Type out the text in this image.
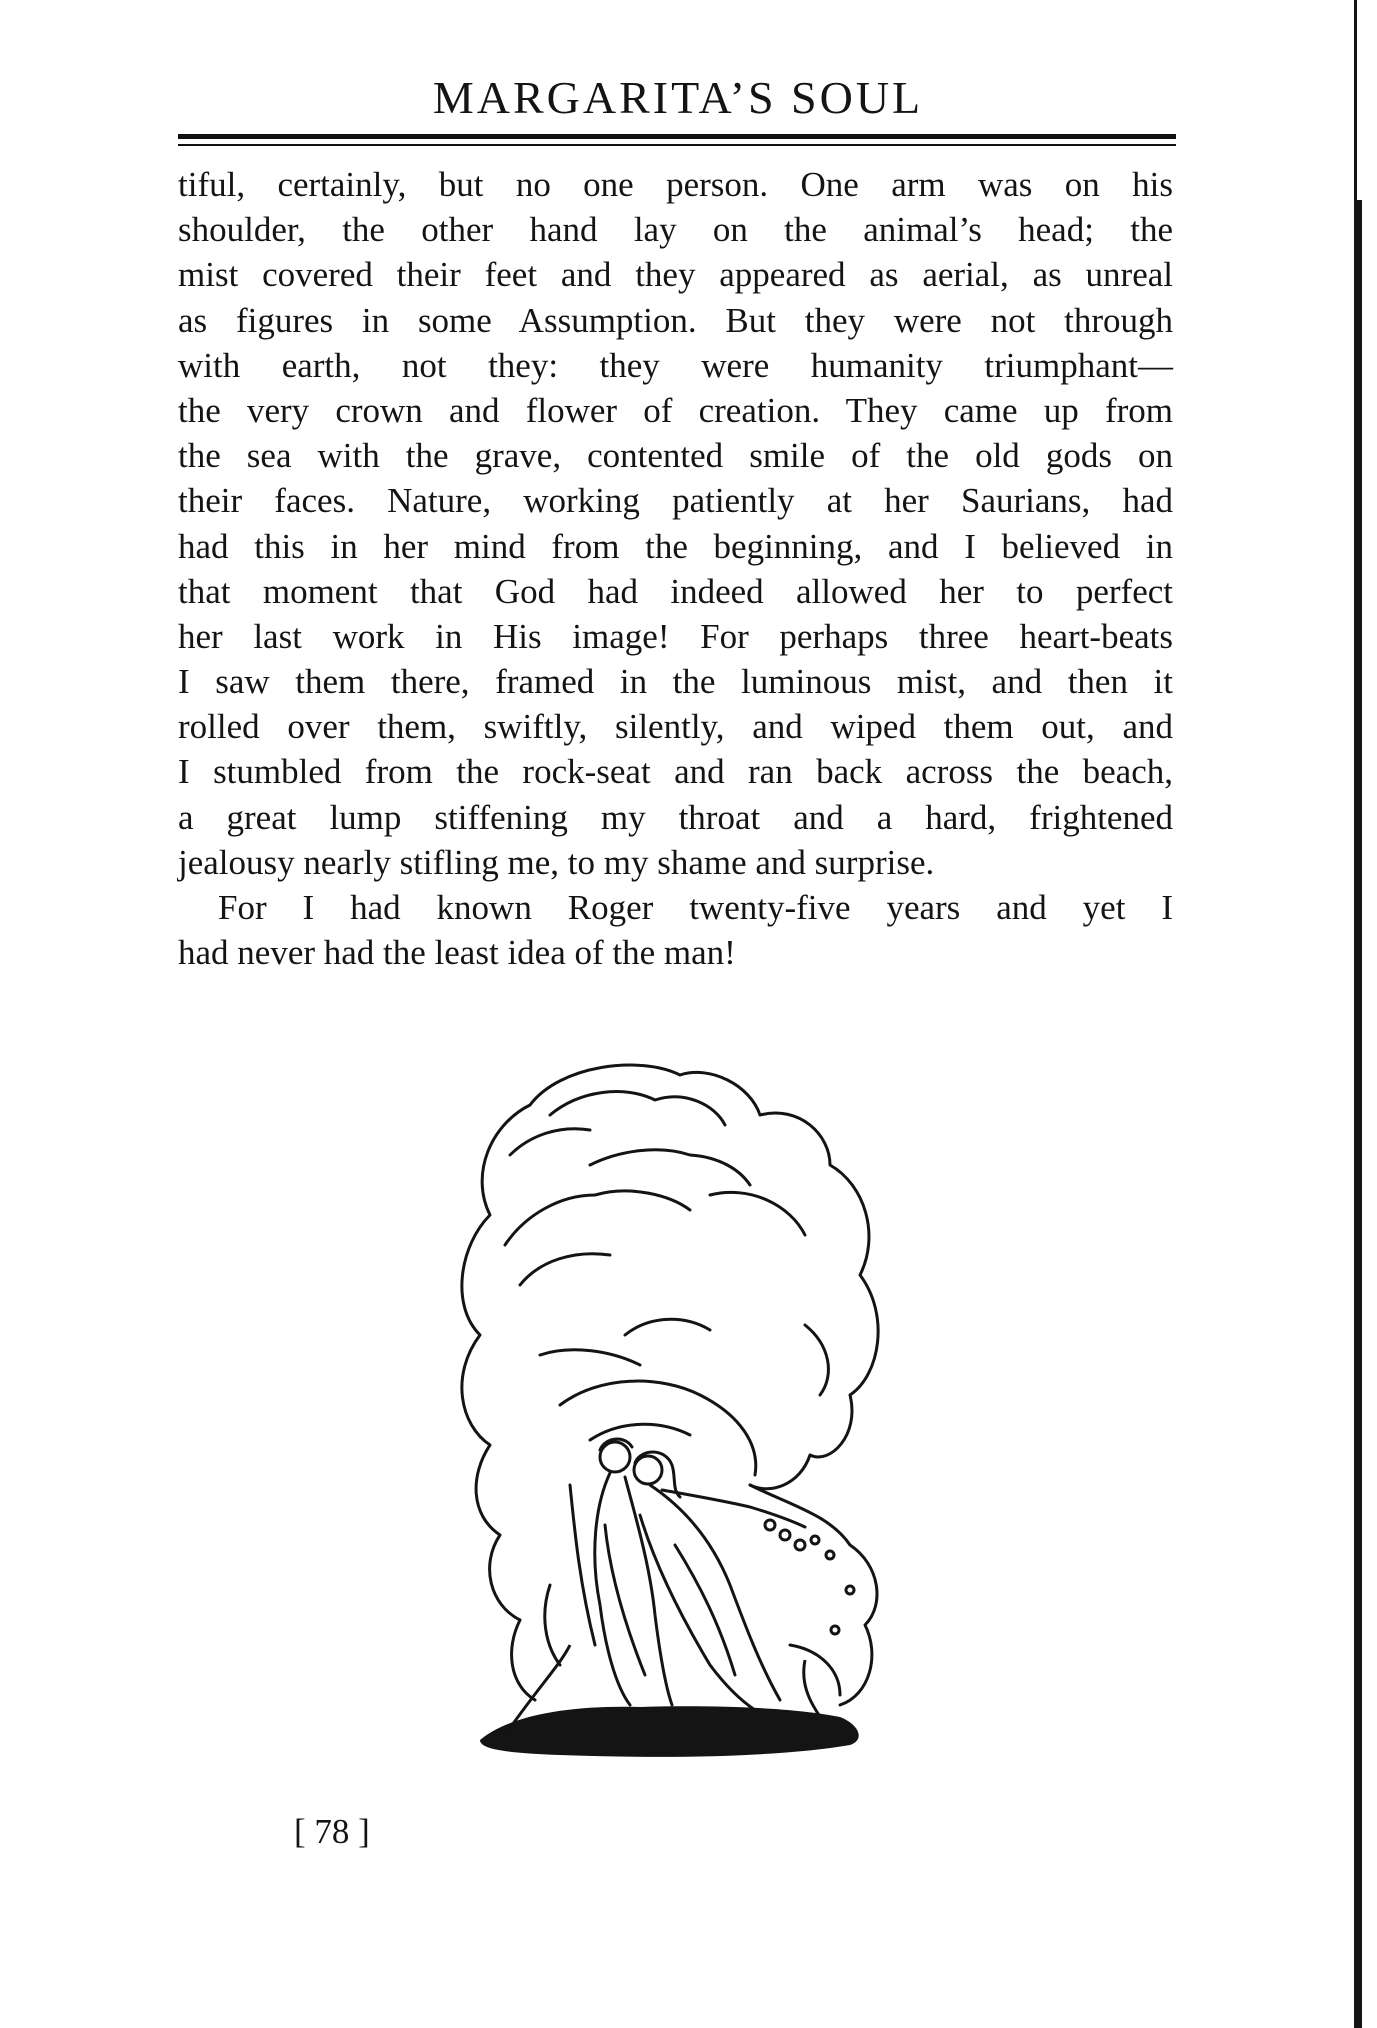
MARGARITA’S SOUL
tiful, certainly, but no one person. One arm was on his
shoulder, the other hand lay on the animal’s head; the
mist covered their feet and they appeared as aerial, as unreal
as figures in some Assumption. But they were not through
with earth, not they: they were humanity triumphant—
the very crown and flower of creation. They came up from
the sea with the grave, contented smile of the old gods on
their faces. Nature, working patiently at her Saurians, had
had this in her mind from the beginning, and I believed in
that moment that God had indeed allowed her to perfect
her last work in His image! For perhaps three heart-beats
I saw them there, framed in the luminous mist, and then it
rolled over them, swiftly, silently, and wiped them out, and
I stumbled from the rock-seat and ran back across the beach,
a great lump stiffening my throat and a hard, frightened
jealousy nearly stifling me, to my shame and surprise.
For I had known Roger twenty-five years and yet I
had never had the least idea of the man!
[ 78 ]
